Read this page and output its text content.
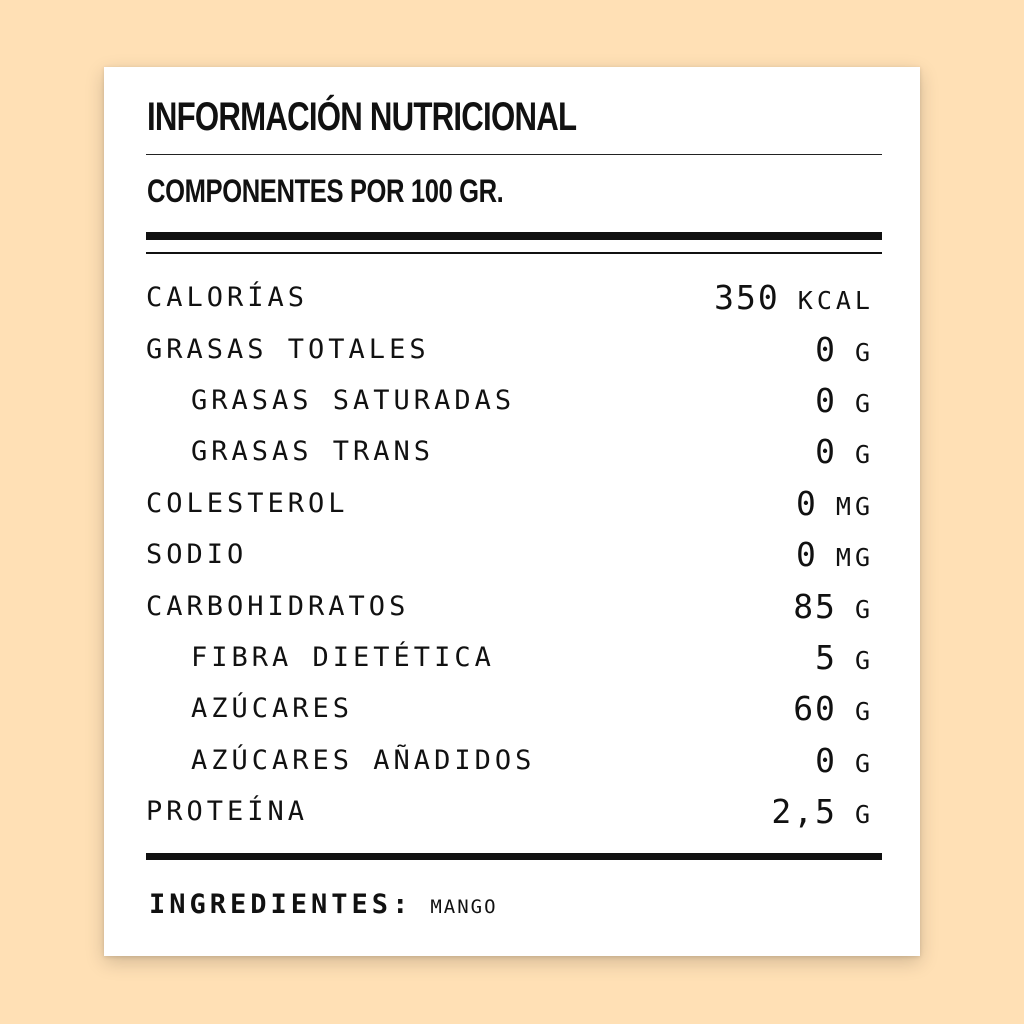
INFORMACIÓN NUTRICIONAL
COMPONENTES POR 100 GR.
CALORÍAS	350 KCAL
GRASAS TOTALES	0 G
GRASAS SATURADAS	0 G
GRASAS TRANS	0 G
COLESTEROL	0 MG
SODIO	0 MG
CARBOHIDRATOS	85 G
FIBRA DIETÉTICA	5 G
AZÚCARES	60 G
AZÚCARES AÑADIDOS	0 G
PROTEÍNA	2,5 G
INGREDIENTES: MANGO
